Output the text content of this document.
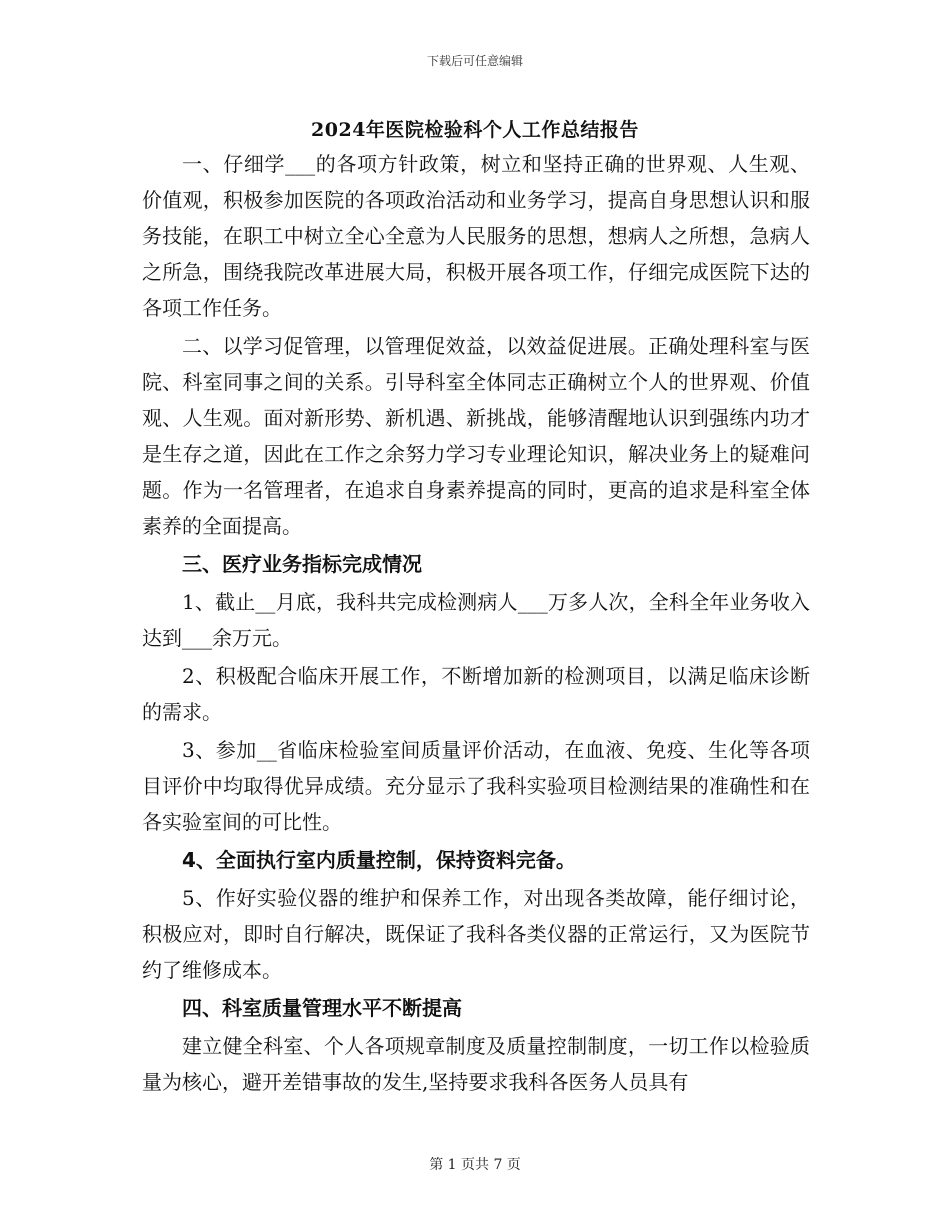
下载后可任意编辑
2024年医院检验科个人工作总结报告

一、仔细学___的各项方针政策，树立和坚持正确的世界观、人生观、价值观，积极参加医院的各项政治活动和业务学习，提高自身思想认识和服务技能，在职工中树立全心全意为人民服务的思想，想病人之所想，急病人之所急，围绕我院改革进展大局，积极开展各项工作，仔细完成医院下达的各项工作任务。

二、以学习促管理，以管理促效益，以效益促进展。正确处理科室与医院、科室同事之间的关系。引导科室全体同志正确树立个人的世界观、价值观、人生观。面对新形势、新机遇、新挑战，能够清醒地认识到强练内功才是生存之道，因此在工作之余努力学习专业理论知识，解决业务上的疑难问题。作为一名管理者，在追求自身素养提高的同时，更高的追求是科室全体素养的全面提高。

三、医疗业务指标完成情况

1、截止__月底，我科共完成检测病人___万多人次，全科全年业务收入达到___余万元。

2、积极配合临床开展工作，不断增加新的检测项目，以满足临床诊断的需求。

3、参加__省临床检验室间质量评价活动，在血液、免疫、生化等各项目评价中均取得优异成绩。充分显示了我科实验项目检测结果的准确性和在各实验室间的可比性。

4、全面执行室内质量控制，保持资料完备。

5、作好实验仪器的维护和保养工作，对出现各类故障，能仔细讨论，积极应对，即时自行解决，既保证了我科各类仪器的正常运行，又为医院节约了维修成本。

四、科室质量管理水平不断提高

建立健全科室、个人各项规章制度及质量控制制度，一切工作以检验质量为核心，避开差错事故的发生,坚持要求我科各医务人员具有

第 1 页共 7 页
